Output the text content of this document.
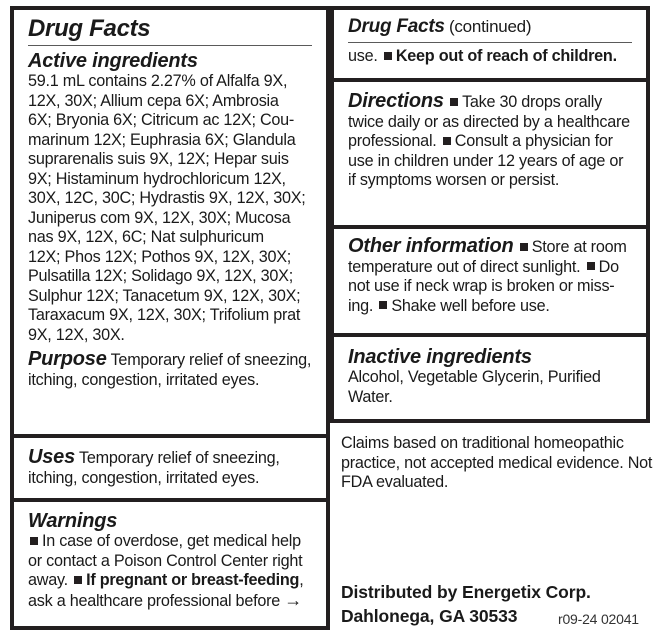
Drug Facts
Active ingredients
59.1 mL contains 2.27% of Alfalfa 9X,
12X, 30X; Allium cepa 6X; Ambrosia
6X; Bryonia 6X; Citricum ac 12X; Cou-
marinum 12X; Euphrasia 6X; Glandula
suprarenalis suis 9X, 12X; Hepar suis
9X; Histaminum hydrochloricum 12X,
30X, 12C, 30C; Hydrastis 9X, 12X, 30X;
Juniperus com 9X, 12X, 30X; Mucosa
nas 9X, 12X, 6C; Nat sulphuricum
12X; Phos 12X; Pothos 9X, 12X, 30X;
Pulsatilla 12X; Solidago 9X, 12X, 30X;
Sulphur 12X; Tanacetum 9X, 12X, 30X;
Taraxacum 9X, 12X, 30X; Trifolium prat
9X, 12X, 30X.
Purpose Temporary relief of sneezing, itching, congestion, irritated eyes.
Uses Temporary relief of sneezing, itching, congestion, irritated eyes.
Warnings
In case of overdose, get medical help or contact a Poison Control Center right away. If pregnant or breast-feeding, ask a healthcare professional before →
Drug Facts (continued)
use. Keep out of reach of children.
Directions Take 30 drops orally twice daily or as directed by a healthcare professional. Consult a physician for use in children under 12 years of age or if symptoms worsen or persist.
Other information Store at room temperature out of direct sunlight. Do not use if neck wrap is broken or miss-ing. Shake well before use.
Inactive ingredients
Alcohol, Vegetable Glycerin, Purified Water.
Claims based on traditional homeopathic practice, not accepted medical evidence. Not FDA evaluated.
Distributed by Energetix Corp.
Dahlonega, GA 30533	r09-24 02041
